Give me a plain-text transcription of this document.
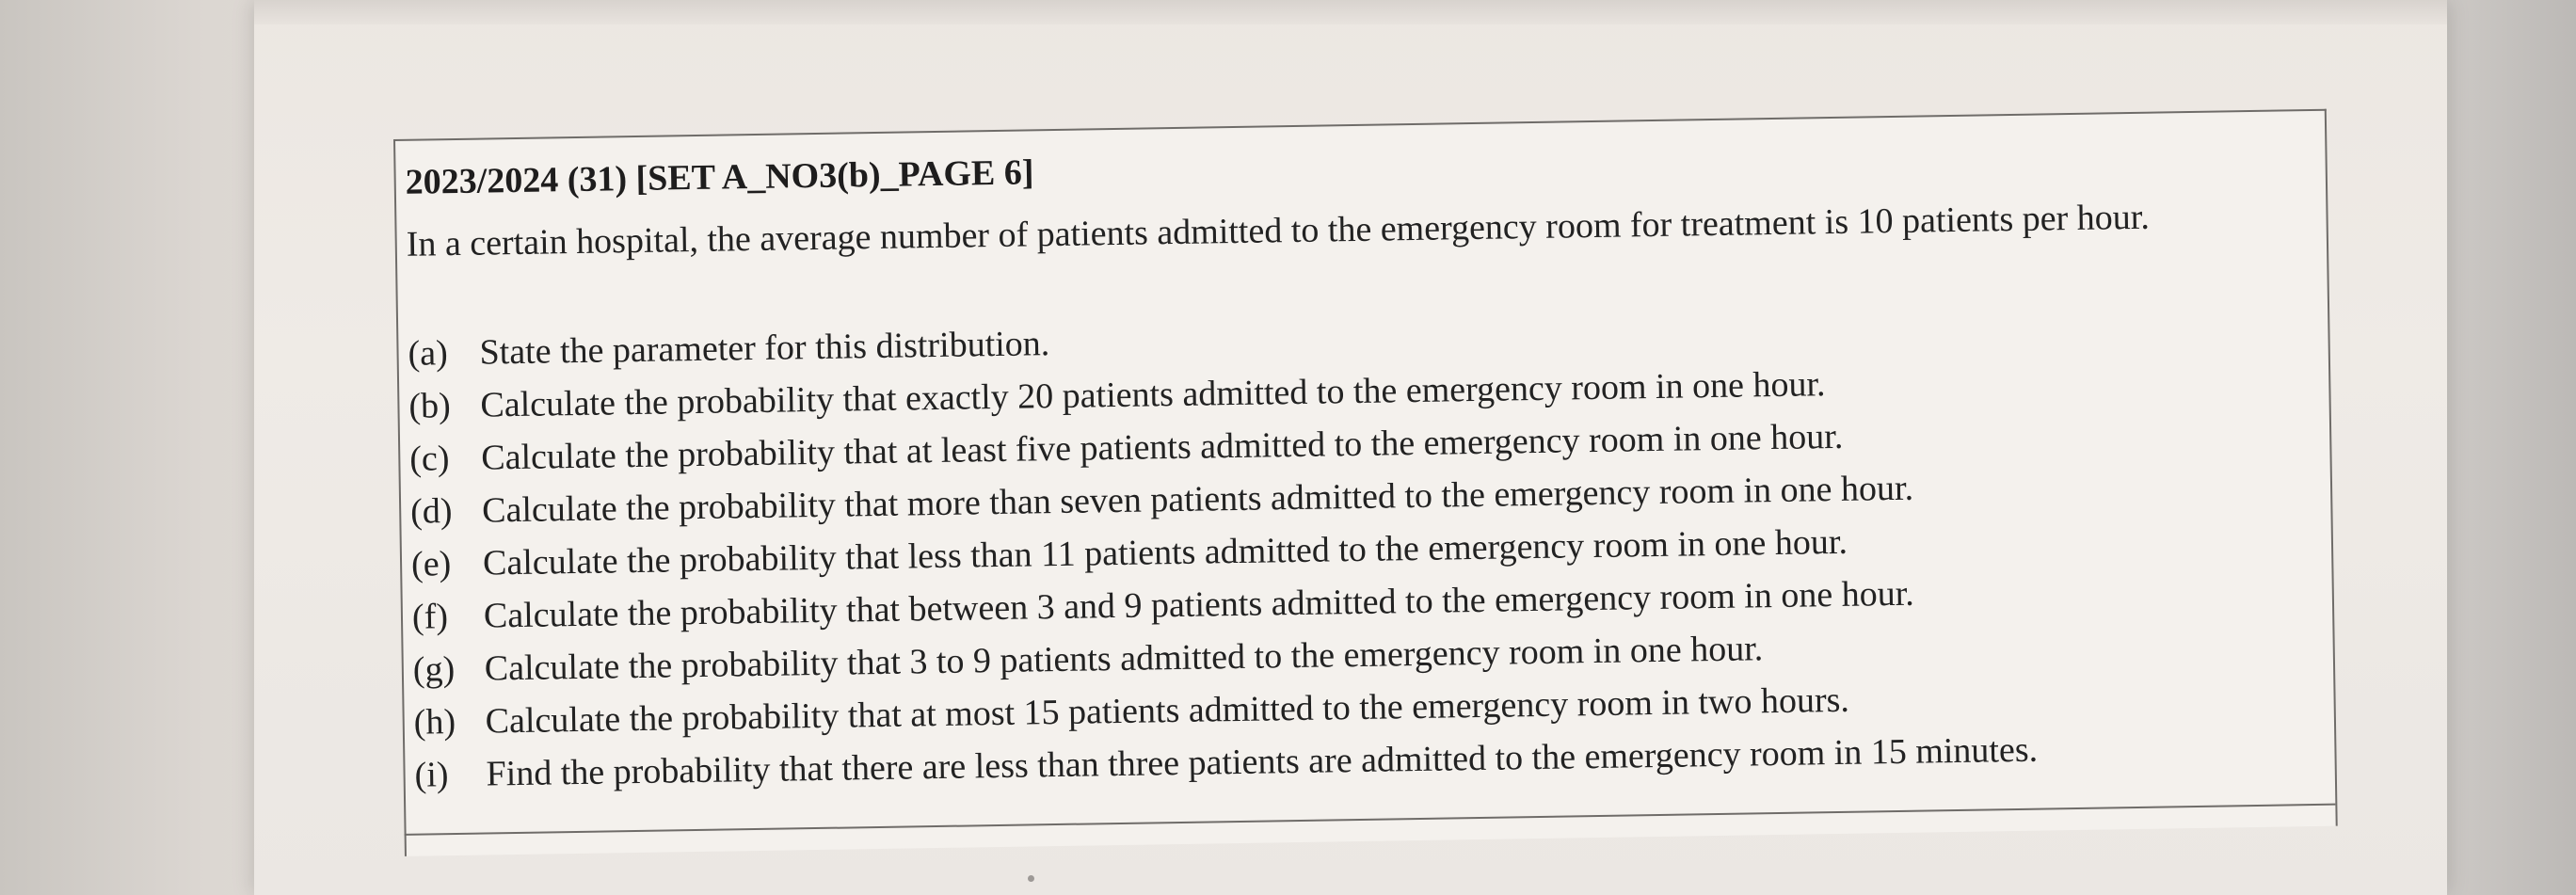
2023/2024 (31) [SET A_NO3(b)_PAGE 6]
In a certain hospital, the average number of patients admitted to the emergency room for treatment is 10 patients per hour.
(a) State the parameter for this distribution.
(b) Calculate the probability that exactly 20 patients admitted to the emergency room in one hour.
(c) Calculate the probability that at least five patients admitted to the emergency room in one hour.
(d) Calculate the probability that more than seven patients admitted to the emergency room in one hour.
(e) Calculate the probability that less than 11 patients admitted to the emergency room in one hour.
(f) Calculate the probability that between 3 and 9 patients admitted to the emergency room in one hour.
(g) Calculate the probability that 3 to 9 patients admitted to the emergency room in one hour.
(h) Calculate the probability that at most 15 patients admitted to the emergency room in two hours.
(i)	Find the probability that there are less than three patients are admitted to the emergency room in 15 minutes.
